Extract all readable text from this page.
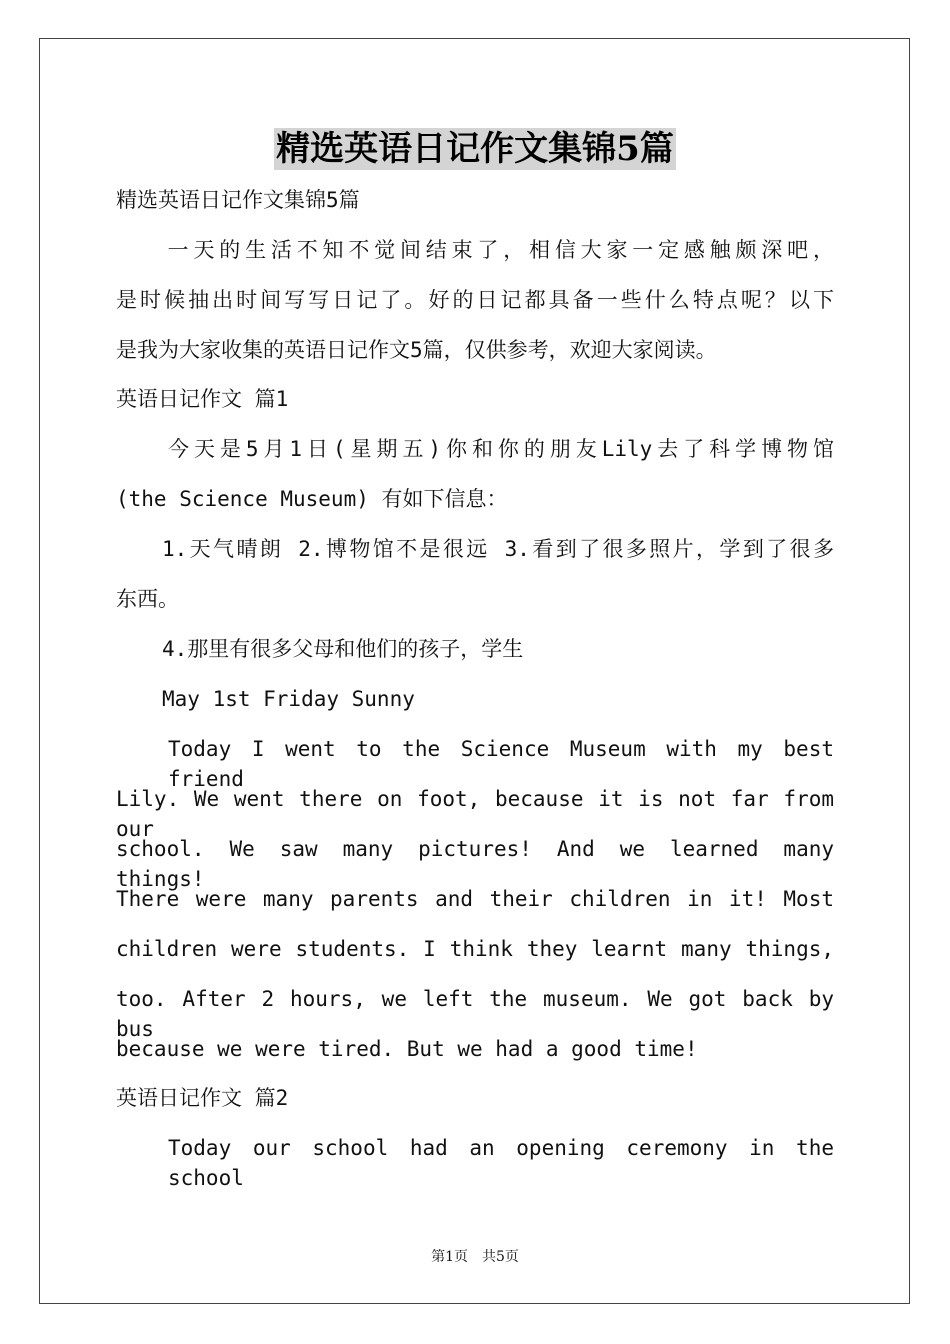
精选英语日记作文集锦5篇

精选英语日记作文集锦5篇

　　一天的生活不知不觉间结束了，相信大家一定感触颇深吧，

是时候抽出时间写写日记了。好的日记都具备一些什么特点呢？以下

是我为大家收集的英语日记作文5篇，仅供参考，欢迎大家阅读。

英语日记作文 篇1

今天是5月1日(星期五)你和你的朋友Lily去了科学博物馆

(the Science Museum) 有如下信息：

1.天气晴朗 2.博物馆不是很远 3.看到了很多照片，学到了很多

东西。

4.那里有很多父母和他们的孩子，学生

May 1st Friday Sunny

Today I went to the Science Museum with my best friend

Lily. We went there on foot, because it is not far from our

school. We saw many pictures! And we learned many things!

There were many parents and their children in it! Most

children were students. I think they learnt many things,

too. After 2 hours, we left the museum. We got back by bus

because we were tired. But we had a good time!

英语日记作文 篇2

Today our school had an opening ceremony in the school

第1页　共5页
